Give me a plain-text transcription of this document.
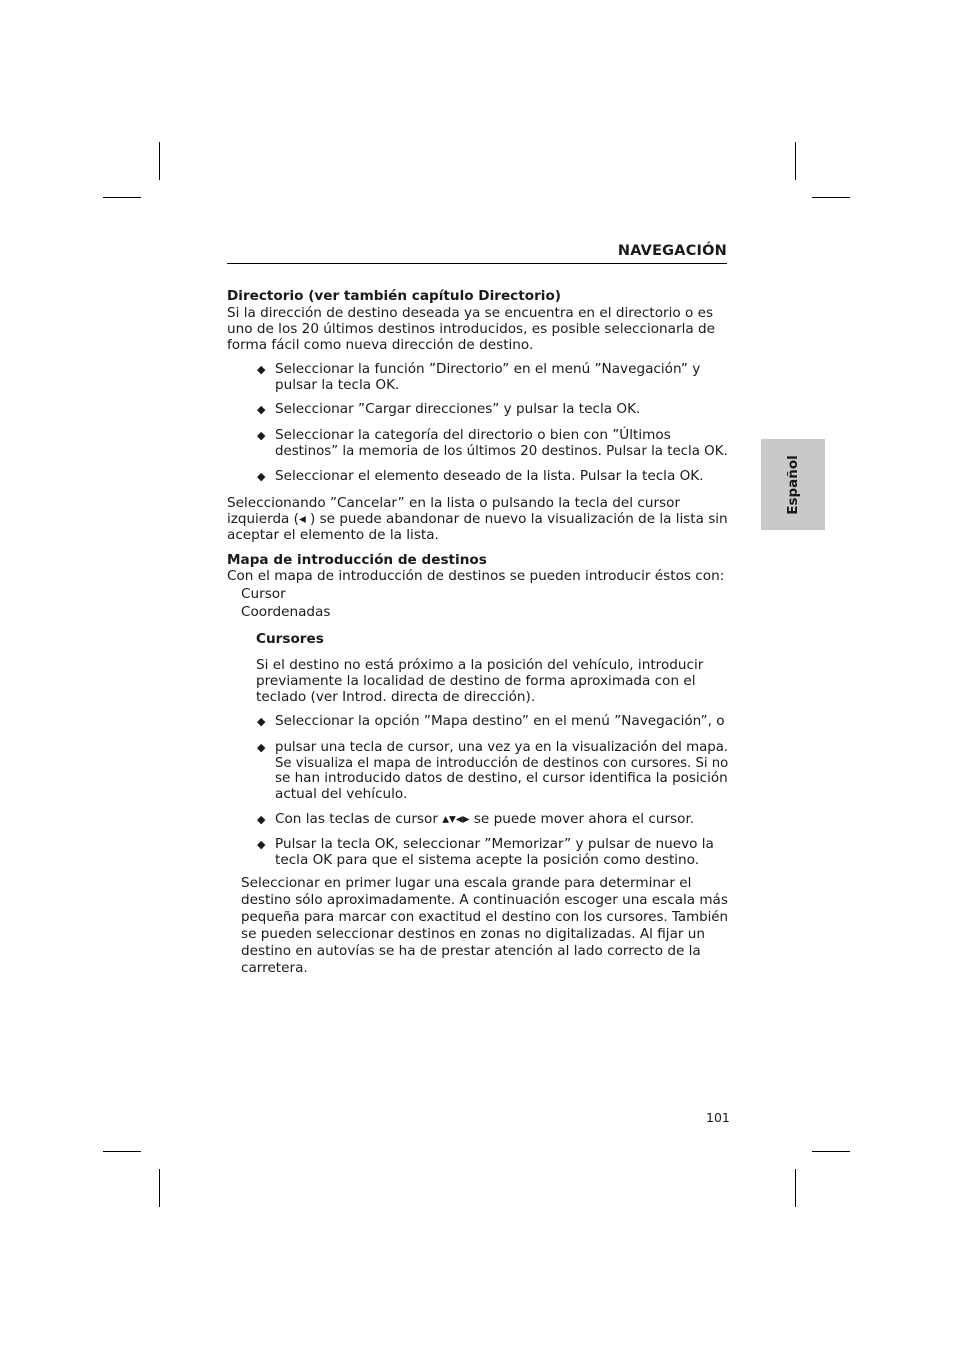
NAVEGACIÓN
Español
Directorio (ver también capítulo Directorio)
Si la dirección de destino deseada ya se encuentra en el directorio o es
uno de los 20 últimos destinos introducidos, es posible seleccionarla de
forma fácil como nueva dirección de destino.
◆ Seleccionar la función ”Directorio” en el menú ”Navegación” y
pulsar la tecla OK.
◆ Seleccionar ”Cargar direcciones” y pulsar la tecla OK.
◆ Seleccionar la categoría del directorio o bien con ”Últimos
destinos” la memoria de los últimos 20 destinos. Pulsar la tecla OK.
◆ Seleccionar el elemento deseado de la lista. Pulsar la tecla OK.
Seleccionando ”Cancelar” en la lista o pulsando la tecla del cursor
izquierda (◂ ) se puede abandonar de nuevo la visualización de la lista sin
aceptar el elemento de la lista.
Mapa de introducción de destinos
Con el mapa de introducción de destinos se pueden introducir éstos con:
Cursor
Coordenadas
Cursores
Si el destino no está próximo a la posición del vehículo, introducir
previamente la localidad de destino de forma aproximada con el
teclado (ver Introd. directa de dirección).
◆ Seleccionar la opción ”Mapa destino” en el menú ”Navegación”, o
◆ pulsar una tecla de cursor, una vez ya en la visualización del mapa.
Se visualiza el mapa de introducción de destinos con cursores. Si no
se han introducido datos de destino, el cursor identifica la posición
actual del vehículo.
◆ Con las teclas de cursor ▴▾◂▸ se puede mover ahora el cursor.
◆ Pulsar la tecla OK, seleccionar ”Memorizar” y pulsar de nuevo la
tecla OK para que el sistema acepte la posición como destino.
Seleccionar en primer lugar una escala grande para determinar el
destino sólo aproximadamente. A continuación escoger una escala más
pequeña para marcar con exactitud el destino con los cursores. También
se pueden seleccionar destinos en zonas no digitalizadas. Al fijar un
destino en autovías se ha de prestar atención al lado correcto de la
carretera.
101
